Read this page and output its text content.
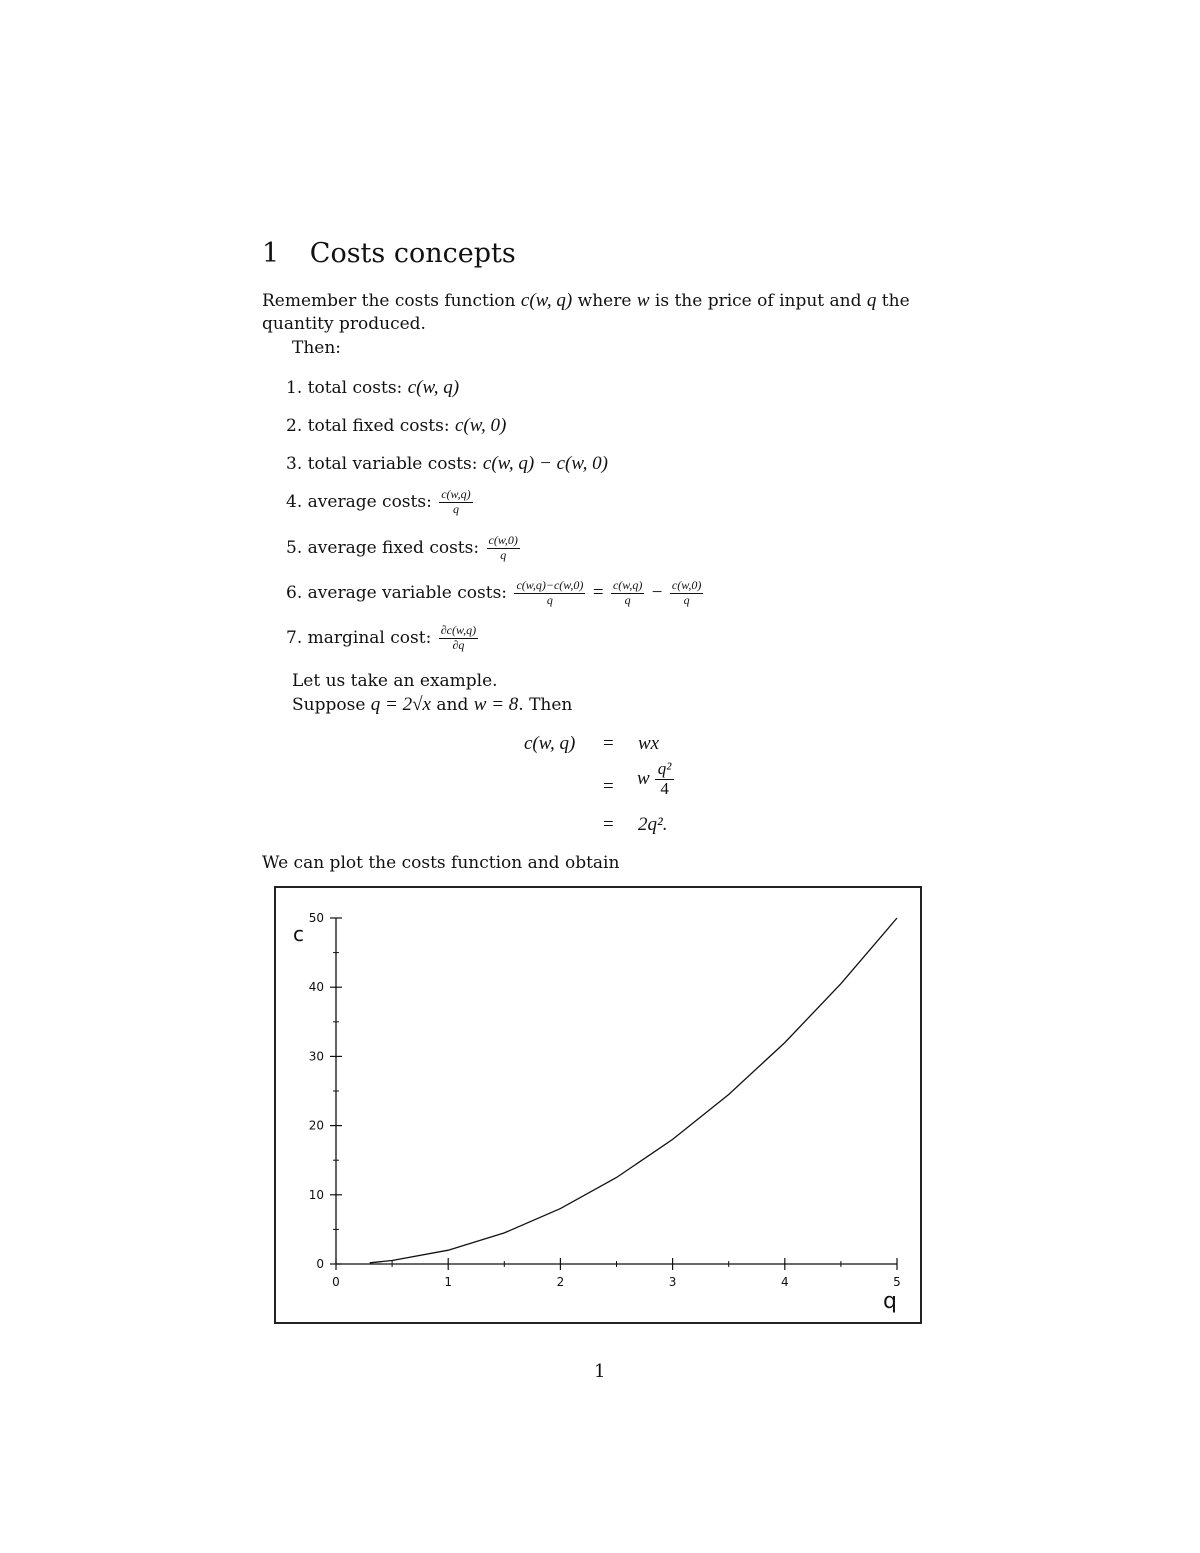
1 Costs concepts
Remember the costs function c(w, q) where w is the price of input and q the
quantity produced.
Then:
1. total costs: c(w, q)
2. total fixed costs: c(w, 0)
3. total variable costs: c(w, q) − c(w, 0)
4. average costs: $\frac{c(w,q)}{q}$
5. average fixed costs: $\frac{c(w,0)}{q}$
6. average variable costs: $\frac{c(w,q)-c(w,0)}{q} = \frac{c(w,q)}{q} - \frac{c(w,0)}{q}$
7. marginal cost: $\frac{\partial c(w,q)}{\partial q}$
Let us take an example.
Suppose q = 2√x and w = 8. Then
c(w, q) = wx
= w $\frac{\text{q²}}{4}$
= 2q².
We can plot the costs function and obtain
0	1	2	3	4	5
0
10
20
30
40
50
c
q
1
